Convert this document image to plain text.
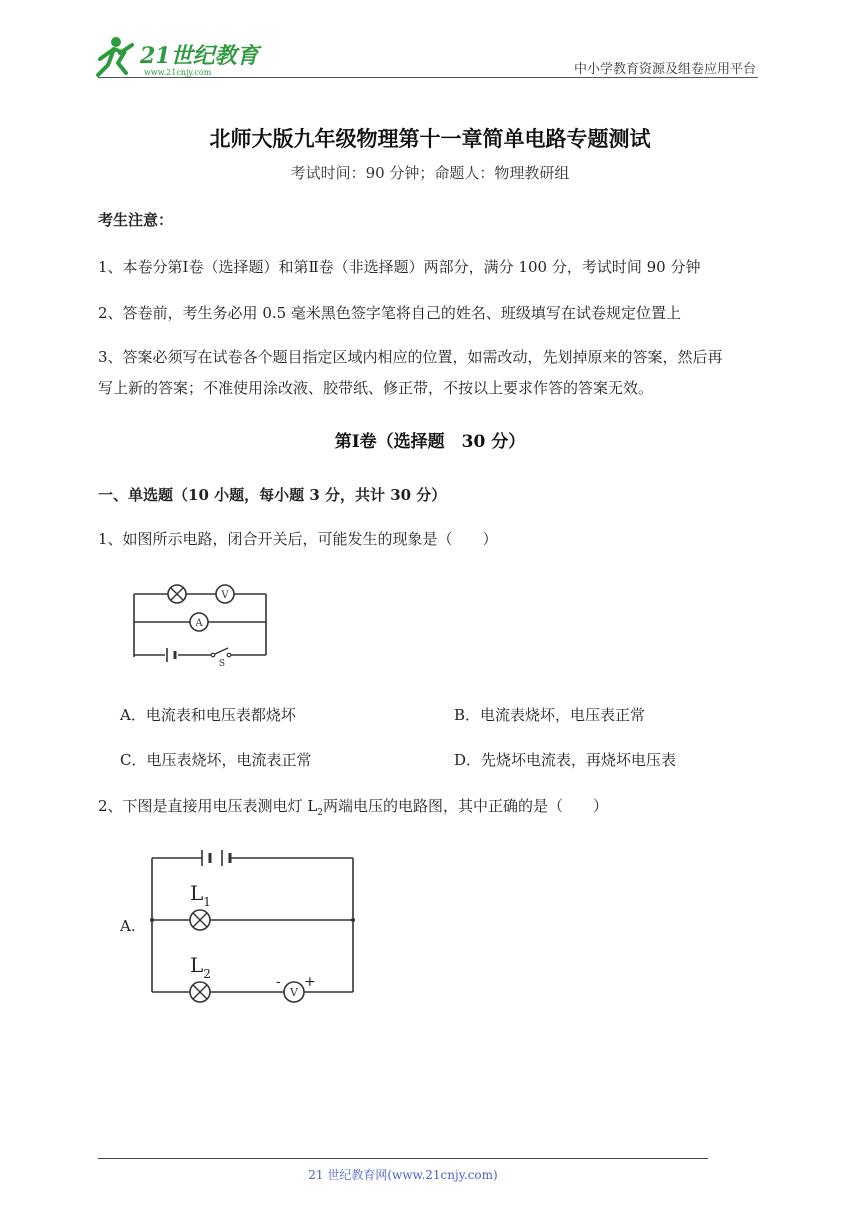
21世纪教育
www.21cnjy.com	中小学教育资源及组卷应用平台
北师大版九年级物理第十一章简单电路专题测试
考试时间：90 分钟；命题人：物理教研组
考生注意：
1、本卷分第Ⅰ卷（选择题）和第Ⅱ卷（非选择题）两部分，满分 100 分，考试时间 90 分钟
2、答卷前，考生务必用 0.5 毫米黑色签字笔将自己的姓名、班级填写在试卷规定位置上
3、答案必须写在试卷各个题目指定区域内相应的位置，如需改动，先划掉原来的答案，然后再
写上新的答案；不准使用涂改液、胶带纸、修正带，不按以上要求作答的答案无效。
第Ⅰ卷（选择题　30 分）
一、单选题（10 小题，每小题 3 分，共计 30 分）
1、如图所示电路，闭合开关后，可能发生的现象是（　　）
V
A
S
A．电流表和电压表都烧坏	B．电流表烧坏，电压表正常
C．电压表烧坏，电流表正常	D．先烧坏电流表，再烧坏电压表
2、下图是直接用电压表测电灯 $L_2$两端电压的电路图，其中正确的是（　　）
A.
$L_1$
$L_2$
V
- +
21 世纪教育网(www.21cnjy.com)
